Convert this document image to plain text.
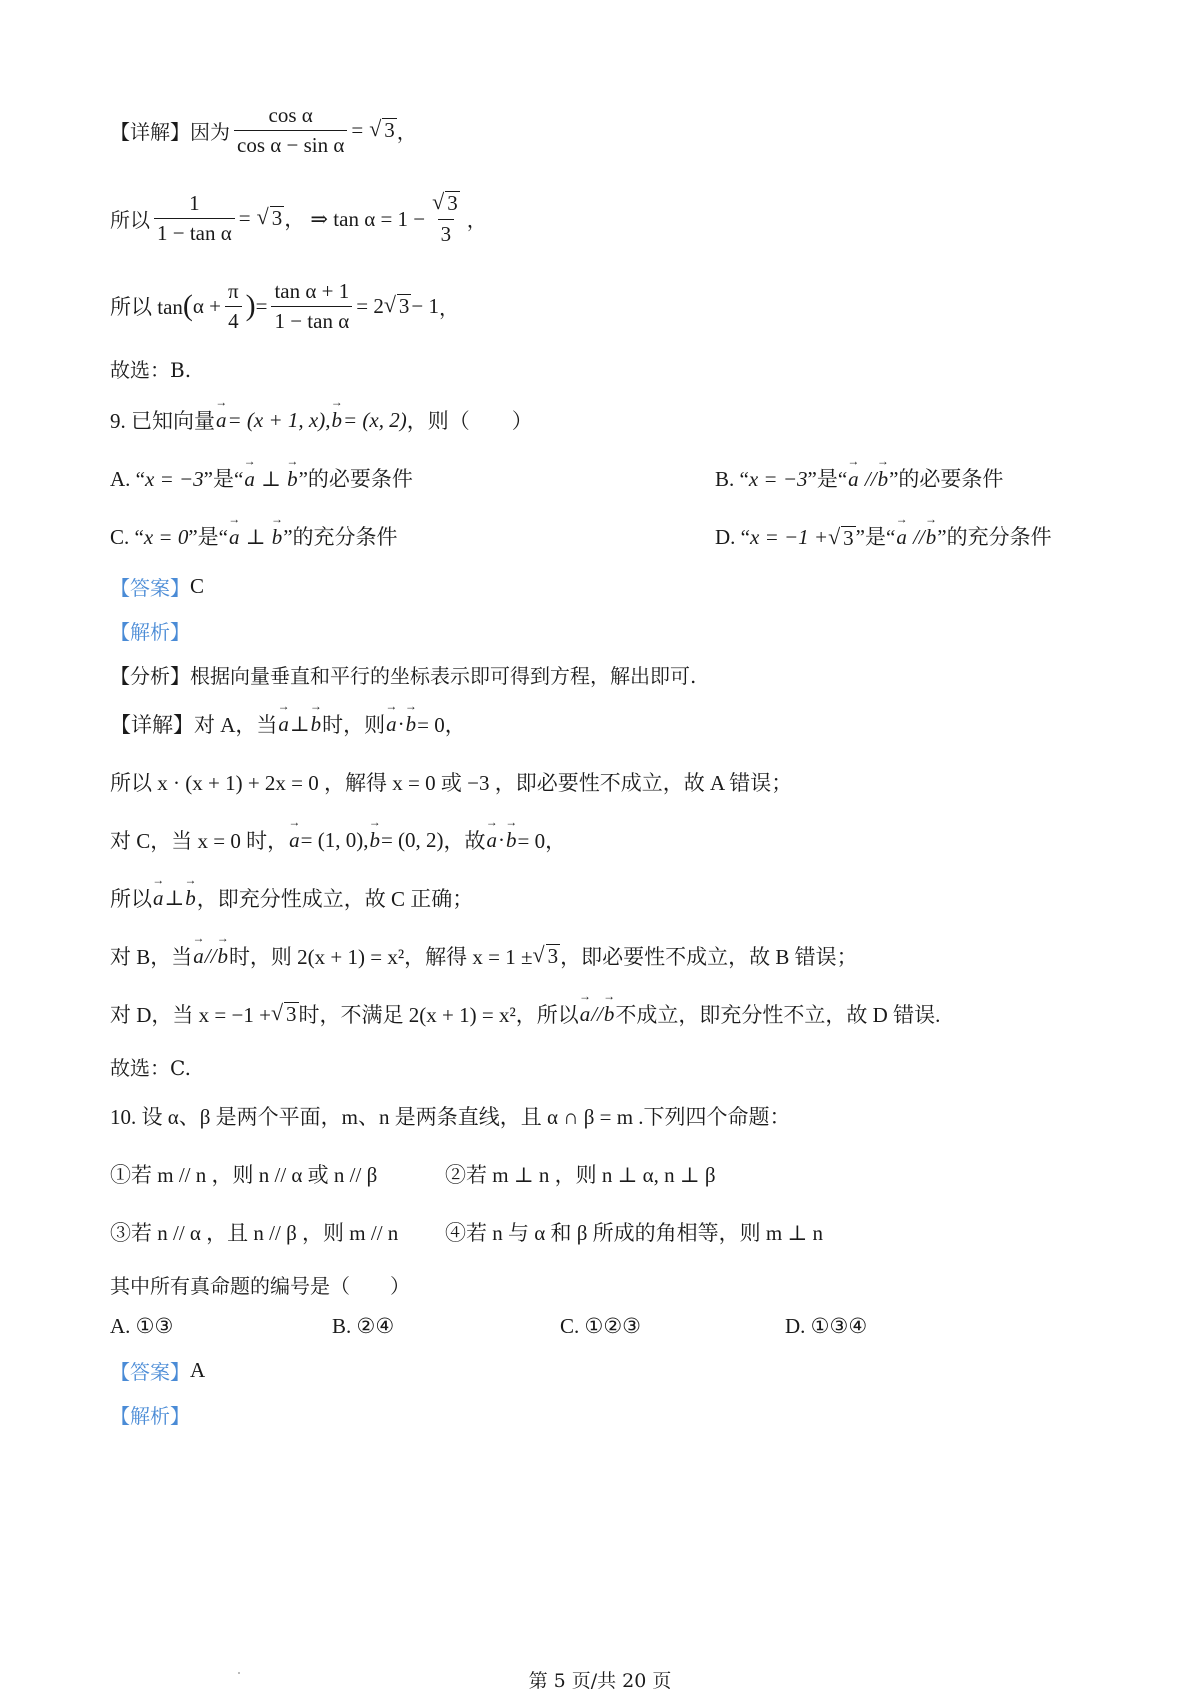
【详解】因为 $\frac{\text{cos α}}{\text{cos α − sin α}}$ = √ 3 ，
所以 $\frac{1}{\text{1 − tan α}}$ = √ 3 ， ⇒ $\tan \alpha = 1 - \frac{√ 3}{3}$ ，
所以 tan ( $\alpha + \frac{\pi}{4}$ ) = $\frac{\text{tan α + 1}}{\text{1 − tan α}} = 2$ √ 3 − 1 ，
故选：B.
9. 已知向量 → a = (x + 1, x), → b = (x, 2) ，则（　　）
A. “x = −3”是“→ a ⊥ → b”的必要条件	B. “x = −3”是“→ a //→ b”的必要条件
C. “x = 0”是“→ a ⊥ → b”的充分条件	D. “x = −1 + √ 3 ”是“→ a //→ b”的充分条件
【答案】 C
【解析】
【分析】根据向量垂直和平行的坐标表示即可得到方程，解出即可.
【详解】对 A，当 → a ⊥ → b 时，则 → a · → b = 0，
所以 x · (x + 1) + 2x = 0 ，解得 x = 0 或 −3 ，即必要性不成立，故 A 错误；
对 C，当 x = 0 时， → a = (1, 0), → b = (0, 2) ，故 → a · → b = 0，
所以 → a ⊥ → b ，即充分性成立，故 C 正确；
对 B，当 → a // → b 时，则 2(x + 1) = x²，解得 x = 1 ± √ 3 ，即必要性不成立，故 B 错误；
对 D，当 x = −1 + √ 3 时，不满足 2(x + 1) = x²，所以 → a // → b 不成立，即充分性不立，故 D 错误.
故选：C.
10. 设 α、β 是两个平面，m、n 是两条直线，且 α ∩ β = m .下列四个命题：
①若 m // n ，则 n // α 或 n // β	②若 m ⊥ n ，则 n ⊥ α, n ⊥ β
③若 n // α ，且 n // β ，则 m // n ④若 n 与 α 和 β 所成的角相等，则 m ⊥ n
其中所有真命题的编号是（　　）
A. ①③	B. ②④	C. ①②③	D. ①③④
【答案】 A
【解析】
第 5 页/共 20 页
